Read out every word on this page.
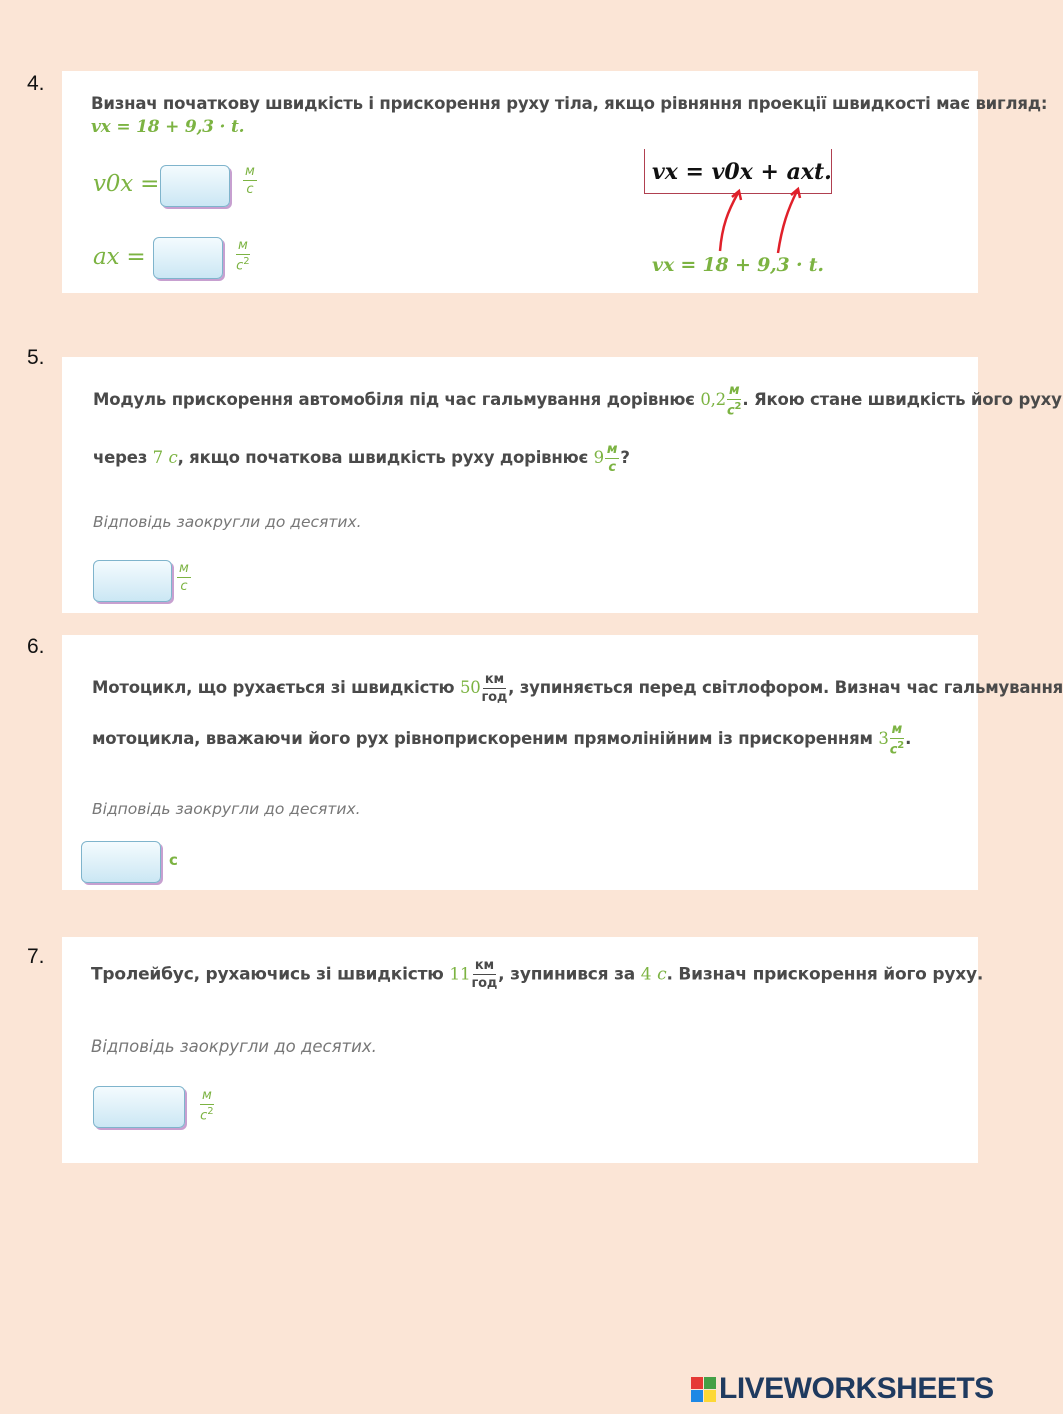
4.
Визнач початкову швидкість і прискорення руху тіла, якщо рівняння проекції швидкості має вигляд:
vx = 18 + 9,3 · t.
v0x =	$\frac{м}{с}$
ax =	$\frac{м}{с^2}$
vx = v0x + axt.
vx = 18 + 9,3 · t.
5.
Модуль прискорення автомобіля під час гальмування дорівнює $0,2 \frac{м}{с^2}$ . Якою стане швидкість його руху
через 7 с, якщо початкова швидкість руху дорівнює $9 \frac{м}{с}$ ?
Відповідь заокругли до десятих.
$\frac{м}{с}$
6.
Мотоцикл, що рухається зі швидкістю $50 \frac{км}{\text{год}}$ , зупиняється перед світлофором. Визнач час гальмування
мотоцикла, вважаючи його рух рівноприскореним прямолінійним із прискоренням $3 \frac{м}{с^2}$ .
Відповідь заокругли до десятих.
с
7.
Тролейбус, рухаючись зі швидкістю $11 \frac{км}{\text{год}}$ , зупинився за 4 с. Визнач прискорення його руху.
Відповідь заокругли до десятих.
$\frac{м}{с^2}$
LIVEWORKSHEETS
